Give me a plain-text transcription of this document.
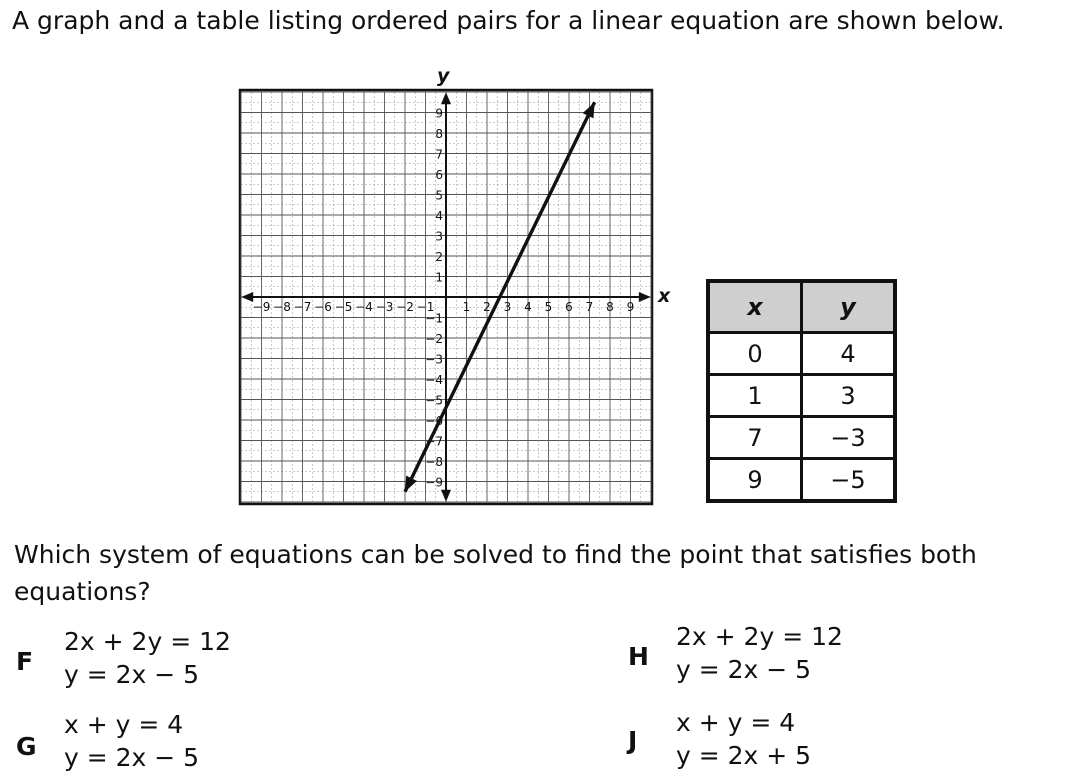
A graph and a table listing ordered pairs for a linear equation are shown below.
−9 −8 −7 −6 −5 −4 −3 −2 −1 1 2 3 4 5 6 7 8 9
9
8
7
6
5
4
3
2
1
−1
−2
−3
−4
−5
−6
−7
−8
−9
x
y
x	y
0	4
1	3
7	−3
9	−5
Which system of equations can be solved to find the point that satisfies both equations?
F
2x + 2y = 12
y = 2x − 5
H
2x + 2y = 12
y = 2x − 5
G
x + y = 4
y = 2x − 5
J
x + y = 4
y = 2x + 5
